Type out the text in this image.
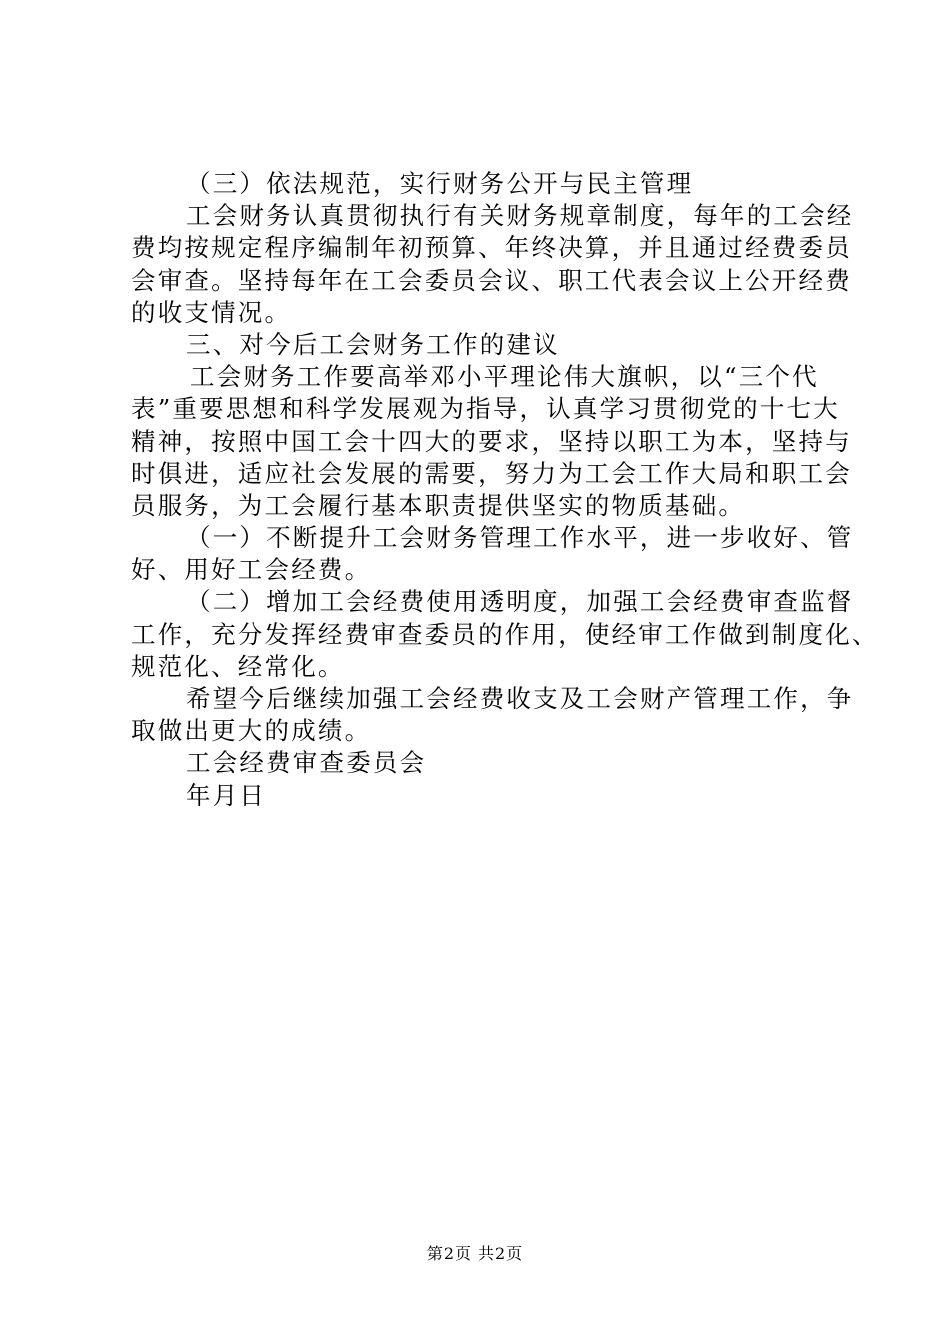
（三）依法规范，实行财务公开与民主管理
工会财务认真贯彻执行有关财务规章制度，每年的工会经
费均按规定程序编制年初预算、年终决算，并且通过经费委员
会审查。坚持每年在工会委员会议、职工代表会议上公开经费
的收支情况。
三、对今后工会财务工作的建议
工会财务工作要高举邓小平理论伟大旗帜，以“三个代
表”重要思想和科学发展观为指导，认真学习贯彻党的十七大
精神，按照中国工会十四大的要求，坚持以职工为本，坚持与
时俱进，适应社会发展的需要，努力为工会工作大局和职工会
员服务，为工会履行基本职责提供坚实的物质基础。
（一）不断提升工会财务管理工作水平，进一步收好、管
好、用好工会经费。
（二）增加工会经费使用透明度，加强工会经费审查监督
工作，充分发挥经费审查委员的作用，使经审工作做到制度化、
规范化、经常化。
希望今后继续加强工会经费收支及工会财产管理工作，争
取做出更大的成绩。
工会经费审查委员会
年月日
第2页 共2页
